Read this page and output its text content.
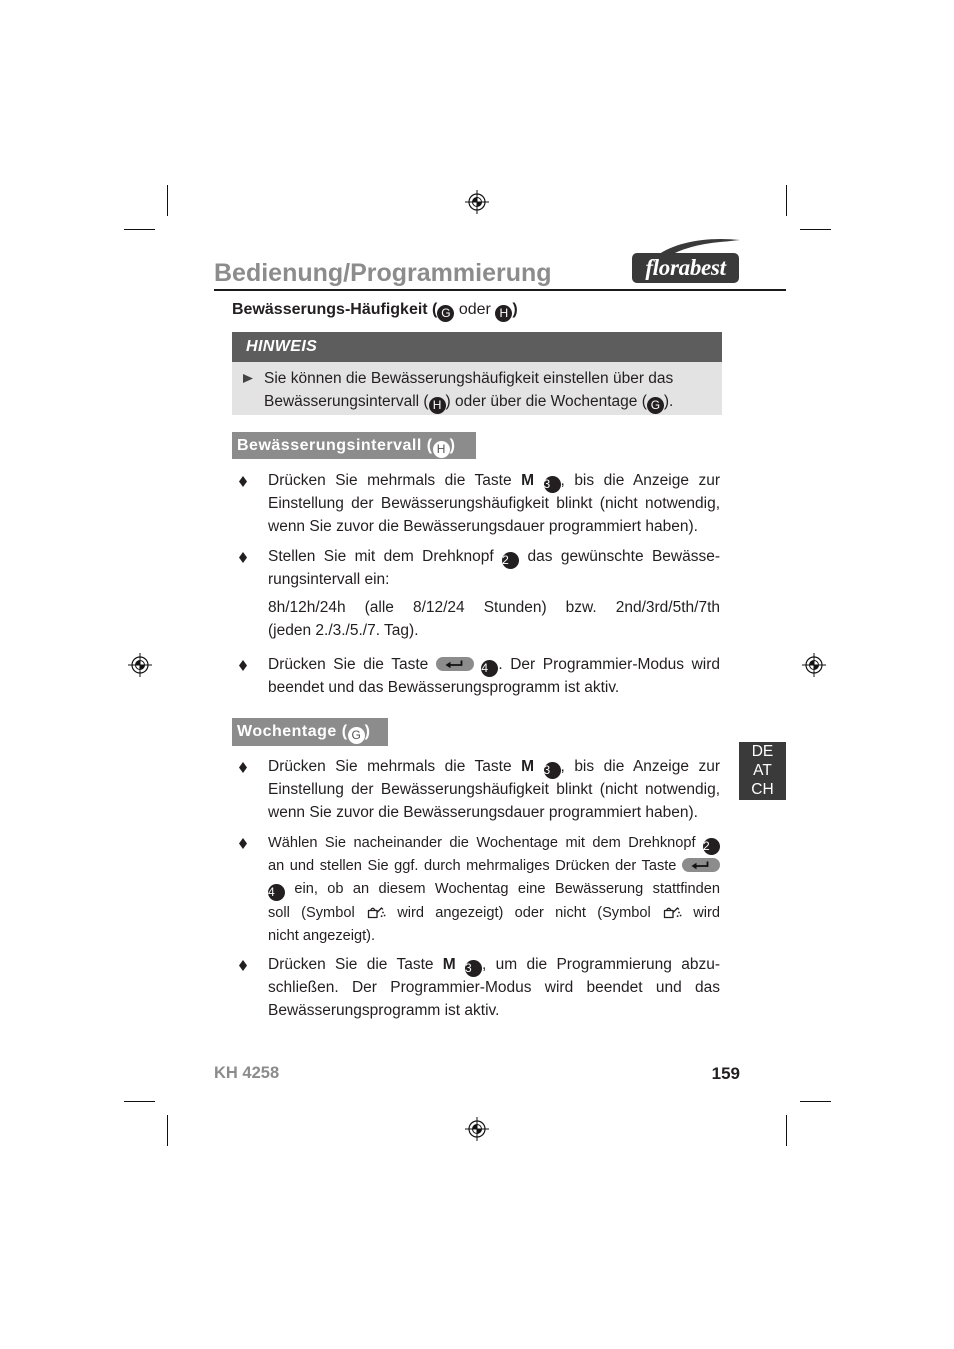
Bedienung/Programmierung	florabest
Bewässerungs-Häufigkeit ( G oder H )
HINWEIS
Sie können die Bewässerungshäufigkeit einstellen über das
Bewässerungsintervall ( H ) oder über die Wochentage ( G ).
Bewässerungsintervall ( H )
Drücken Sie mehrmals die Taste M 3 , bis die Anzeige zur
Einstellung der Bewässerungshäufigkeit blinkt (nicht notwendig,
wenn Sie zuvor die Bewässerungsdauer programmiert haben).
Stellen Sie mit dem Drehknopf 2 das gewünschte Bewässe-
rungsintervall ein:
8h/12h/24h (alle 8/12/24 Stunden) bzw. 2nd/3rd/5th/7th
(jeden 2./3./5./7. Tag).
Drücken Sie die Taste	4 . Der Programmier-Modus wird
beendet und das Bewässerungsprogramm ist aktiv.
Wochentage ( G )
Drücken Sie mehrmals die Taste M 3 , bis die Anzeige zur
Einstellung der Bewässerungshäufigkeit blinkt (nicht notwendig,
wenn Sie zuvor die Bewässerungsdauer programmiert haben).
Wählen Sie nacheinander die Wochentage mit dem Drehknopf 2
an und stellen Sie ggf. durch mehrmaliges Drücken der Taste
4 ein, ob an diesem Wochentag eine Bewässerung stattfinden
soll (Symbol
wird angezeigt) oder nicht (Symbol
wird
nicht angezeigt).
Drücken Sie die Taste M 3 , um die Programmierung abzu-
schließen. Der Programmier-Modus wird beendet und das
Bewässerungsprogramm ist aktiv.
DE
AT
CH
KH 4258	159
